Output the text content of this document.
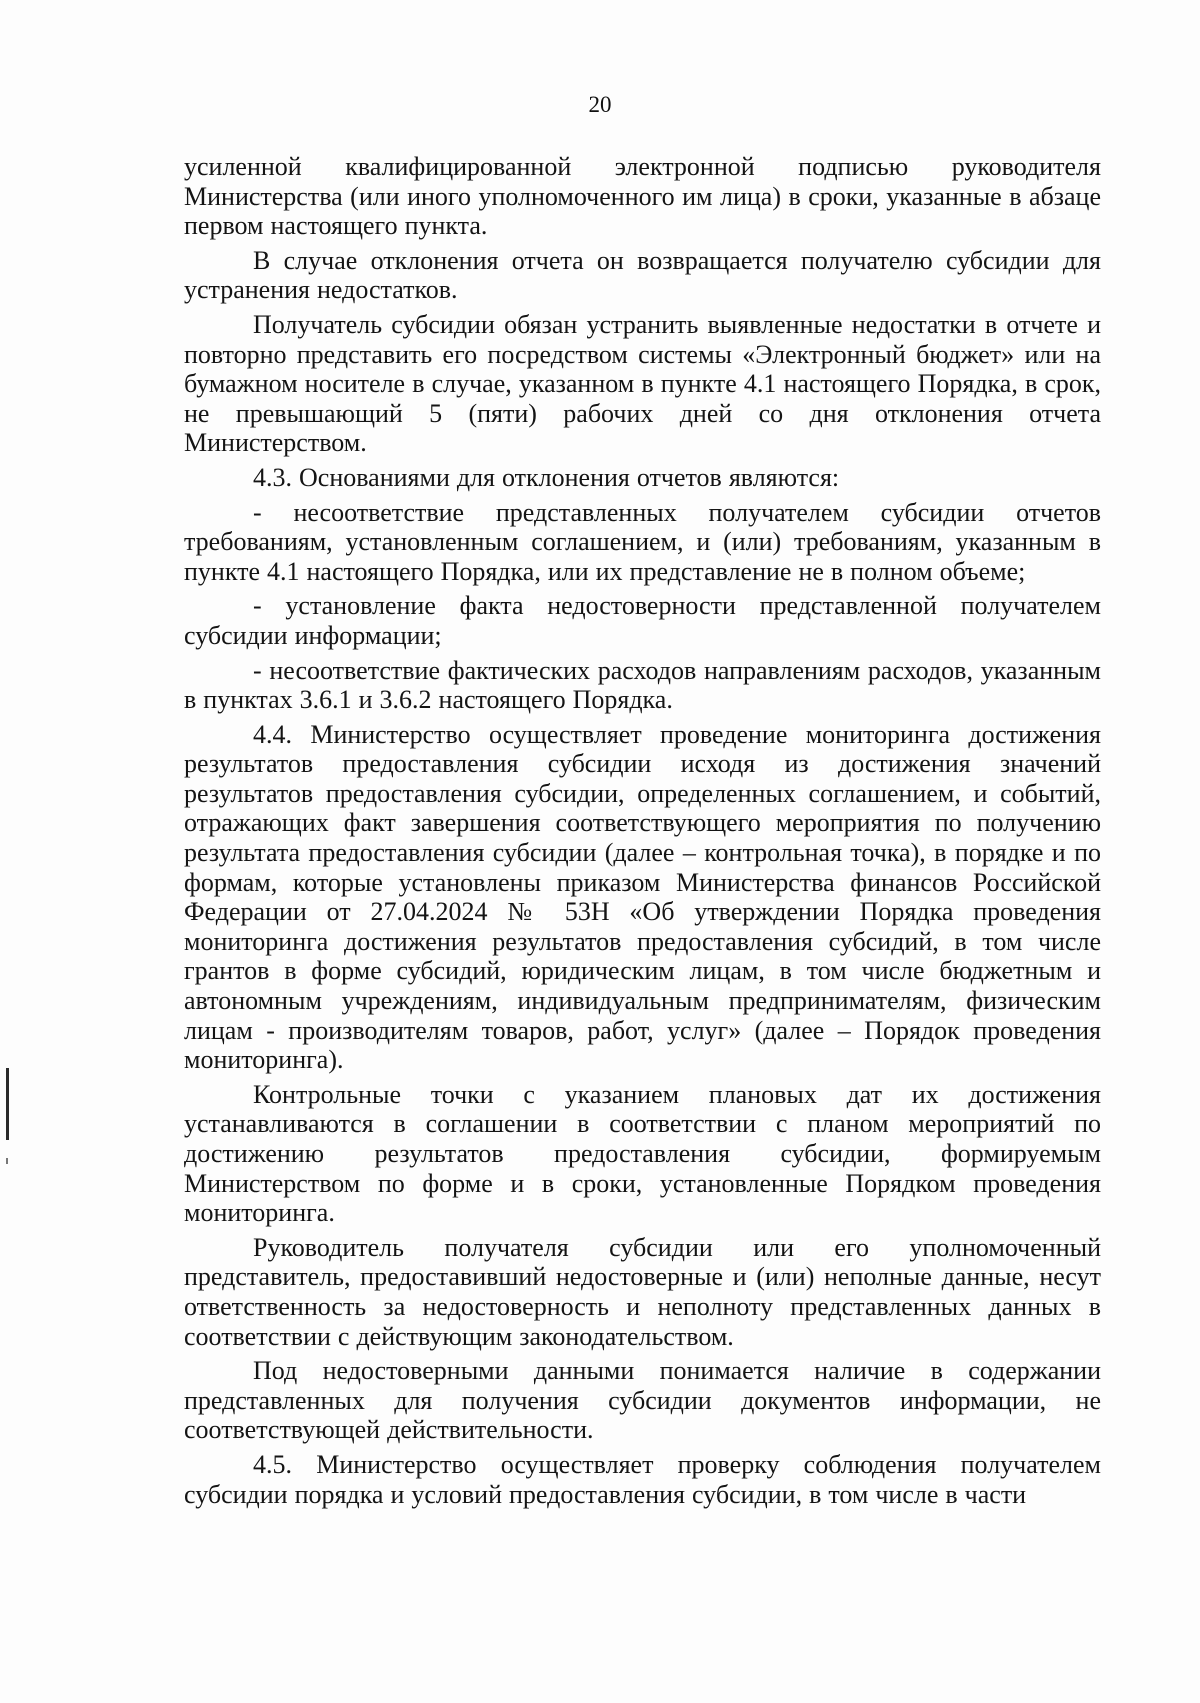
20

усиленной квалифицированной электронной подписью руководителя Министерства (или иного уполномоченного им лица) в сроки, указанные в абзаце первом настоящего пункта.

В случае отклонения отчета он возвращается получателю субсидии для устранения недостатков.

Получатель субсидии обязан устранить выявленные недостатки в отчете и повторно представить его посредством системы «Электронный бюджет» или на бумажном носителе в случае, указанном в пункте 4.1 настоящего Порядка, в срок, не превышающий 5 (пяти) рабочих дней со дня отклонения отчета Министерством.

4.3. Основаниями для отклонения отчетов являются:

- несоответствие представленных получателем субсидии отчетов требованиям, установленным соглашением, и (или) требованиям, указанным в пункте 4.1 настоящего Порядка, или их представление не в полном объеме;

- установление факта недостоверности представленной получателем субсидии информации;

- несоответствие фактических расходов направлениям расходов, указанным в пунктах 3.6.1 и 3.6.2 настоящего Порядка.

4.4. Министерство осуществляет проведение мониторинга достижения результатов предоставления субсидии исходя из достижения значений результатов предоставления субсидии, определенных соглашением, и событий, отражающих факт завершения соответствующего мероприятия по получению результата предоставления субсидии (далее – контрольная точка), в порядке и по формам, которые установлены приказом Министерства финансов Российской Федерации от 27.04.2024 № 53Н «Об утверждении Порядка проведения мониторинга достижения результатов предоставления субсидий, в том числе грантов в форме субсидий, юридическим лицам, в том числе бюджетным и автономным учреждениям, индивидуальным предпринимателям, физическим лицам - производителям товаров, работ, услуг» (далее – Порядок проведения мониторинга).

Контрольные точки с указанием плановых дат их достижения устанавливаются в соглашении в соответствии с планом мероприятий по достижению результатов предоставления субсидии, формируемым Министерством по форме и в сроки, установленные Порядком проведения мониторинга.

Руководитель получателя субсидии или его уполномоченный представитель, предоставивший недостоверные и (или) неполные данные, несут ответственность за недостоверность и неполноту представленных данных в соответствии с действующим законодательством.

Под недостоверными данными понимается наличие в содержании представленных для получения субсидии документов информации, не соответствующей действительности.

4.5. Министерство осуществляет проверку соблюдения получателем субсидии порядка и условий предоставления субсидии, в том числе в части
